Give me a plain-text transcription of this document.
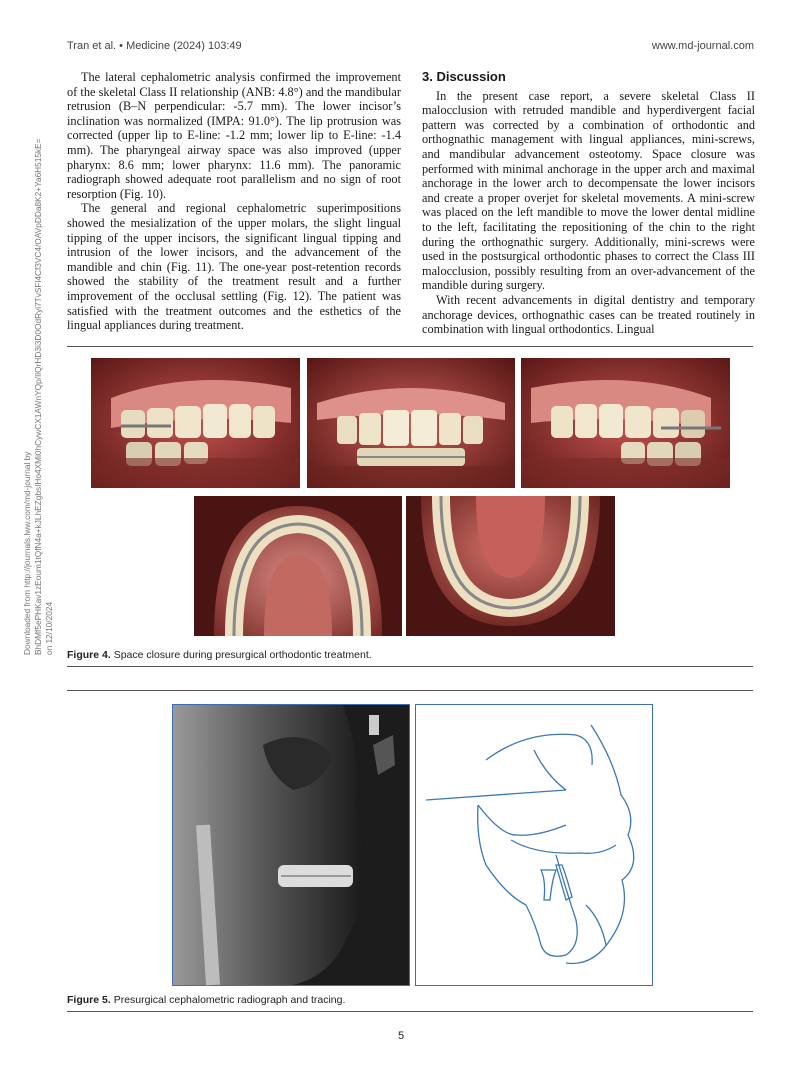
Tran et al. • Medicine (2024) 103:49	www.md-journal.com
Downloaded from http://journals.lww.com/md-journal by BhDMf5ePHKav1zEoum1tQfN4a+kJLhEZgbsIHo4XMi0hCywCX1AWnYQp/IlQrHD3i3D0OdRyi7TvSFl4Cf3VC4/OAVpDDa8K2+Ya6H515kE= on 12/10/2024

The lateral cephalometric analysis confirmed the improvement of the skeletal Class II relationship (ANB: 4.8°) and the mandibular retrusion (B–N perpendicular: -5.7 mm). The lower incisor’s inclination was normalized (IMPA: 91.0°). The lip protrusion was corrected (upper lip to E-line: -1.2 mm; lower lip to E-line: -1.4 mm). The pharyngeal airway space was also improved (upper pharynx: 8.6 mm; lower pharynx: 11.6 mm). The panoramic radiograph showed adequate root parallelism and no sign of root resorption (Fig. 10).

The general and regional cephalometric superimpositions showed the mesialization of the upper molars, the slight lingual tipping of the upper incisors, the significant lingual tipping and intrusion of the lower incisors, and the advancement of the mandible and chin (Fig. 11). The one-year post-retention records showed the stability of the treatment result and a further improvement of the occlusal settling (Fig. 12). The patient was satisfied with the treatment outcomes and the esthetics of the lingual appliances during treatment.

3. Discussion

In the present case report, a severe skeletal Class II malocclusion with retruded mandible and hyperdivergent facial pattern was corrected by a combination of orthodontic and orthognathic management with lingual appliances, mini-screws, and mandibular advancement osteotomy. Space closure was performed with minimal anchorage in the upper arch and maximal anchorage in the lower arch to decompensate the lower incisors and create a proper overjet for skeletal movements. A mini-screw was placed on the left mandible to move the lower dental midline to the left, facilitating the repositioning of the chin to the right during the orthognathic surgery. Additionally, mini-screws were used in the postsurgical orthodontic phases to correct the Class III malocclusion, possibly resulting from an over-advancement of the mandible during surgery.

With recent advancements in digital dentistry and temporary anchorage devices, orthognathic cases can be treated routinely in combination with lingual orthodontics. Lingual

Figure 4. Space closure during presurgical orthodontic treatment.
Figure 5. Presurgical cephalometric radiograph and tracing.
5
